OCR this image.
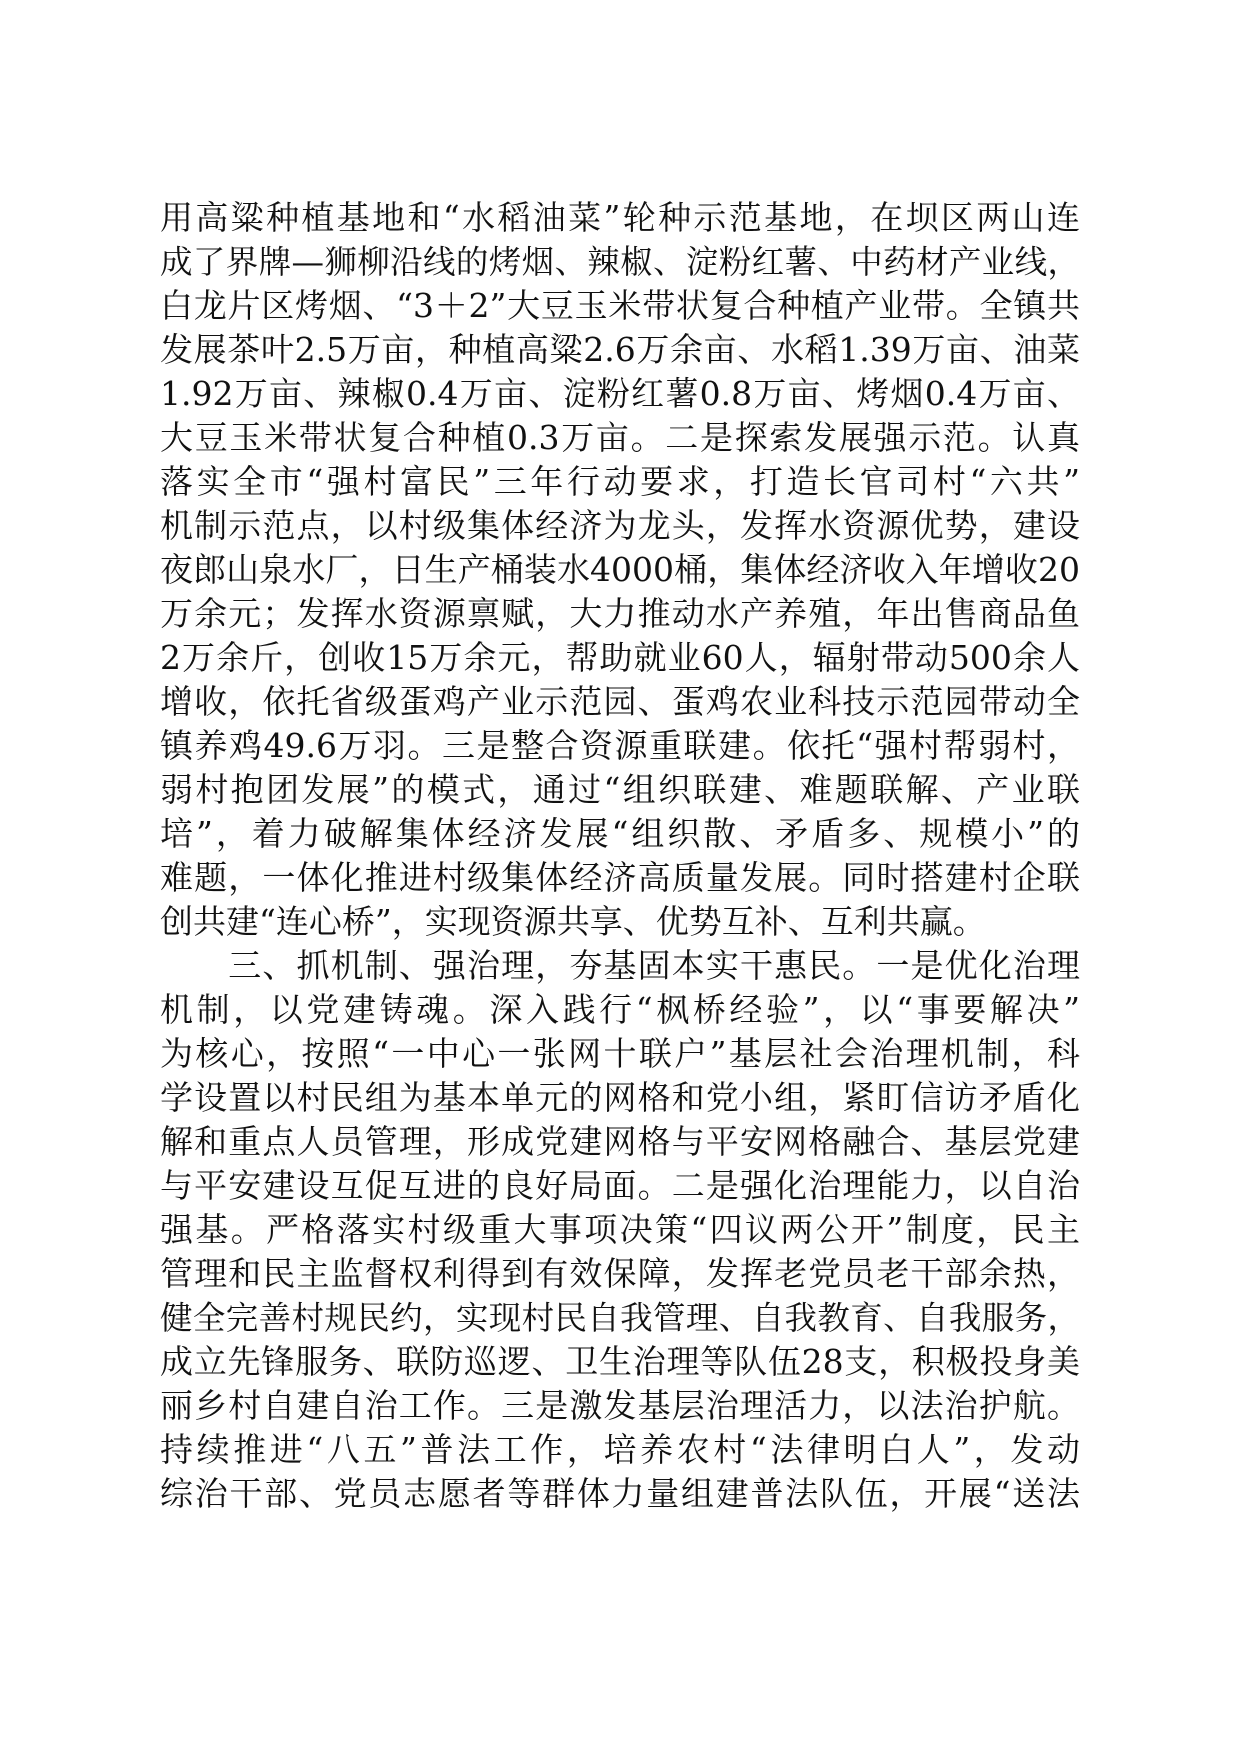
用高粱种植基地和“水稻油菜”轮种示范基地，在坝区两山连
成了界牌—狮柳沿线的烤烟、辣椒、淀粉红薯、中药材产业线，
白龙片区烤烟、“3＋2”大豆玉米带状复合种植产业带。全镇共
发展茶叶2.5万亩，种植高粱2.6万余亩、水稻1.39万亩、油菜
1.92万亩、辣椒0.4万亩、淀粉红薯0.8万亩、烤烟0.4万亩、
大豆玉米带状复合种植0.3万亩。二是探索发展强示范。认真
落实全市“强村富民”三年行动要求，打造长官司村“六共”
机制示范点，以村级集体经济为龙头，发挥水资源优势，建设
夜郎山泉水厂，日生产桶装水4000桶，集体经济收入年增收20
万余元；发挥水资源禀赋，大力推动水产养殖，年出售商品鱼
2万余斤，创收15万余元，帮助就业60人，辐射带动500余人
增收，依托省级蛋鸡产业示范园、蛋鸡农业科技示范园带动全
镇养鸡49.6万羽。三是整合资源重联建。依托“强村帮弱村，
弱村抱团发展”的模式，通过“组织联建、难题联解、产业联
培”，着力破解集体经济发展“组织散、矛盾多、规模小”的
难题，一体化推进村级集体经济高质量发展。同时搭建村企联
创共建“连心桥”，实现资源共享、优势互补、互利共赢。
　　三、抓机制、强治理，夯基固本实干惠民。一是优化治理
机制，以党建铸魂。深入践行“枫桥经验”，以“事要解决”
为核心，按照“一中心一张网十联户”基层社会治理机制，科
学设置以村民组为基本单元的网格和党小组，紧盯信访矛盾化
解和重点人员管理，形成党建网格与平安网格融合、基层党建
与平安建设互促互进的良好局面。二是强化治理能力，以自治
强基。严格落实村级重大事项决策“四议两公开”制度，民主
管理和民主监督权利得到有效保障，发挥老党员老干部余热，
健全完善村规民约，实现村民自我管理、自我教育、自我服务，
成立先锋服务、联防巡逻、卫生治理等队伍28支，积极投身美
丽乡村自建自治工作。三是激发基层治理活力，以法治护航。
持续推进“八五”普法工作，培养农村“法律明白人”，发动
综治干部、党员志愿者等群体力量组建普法队伍，开展“送法
